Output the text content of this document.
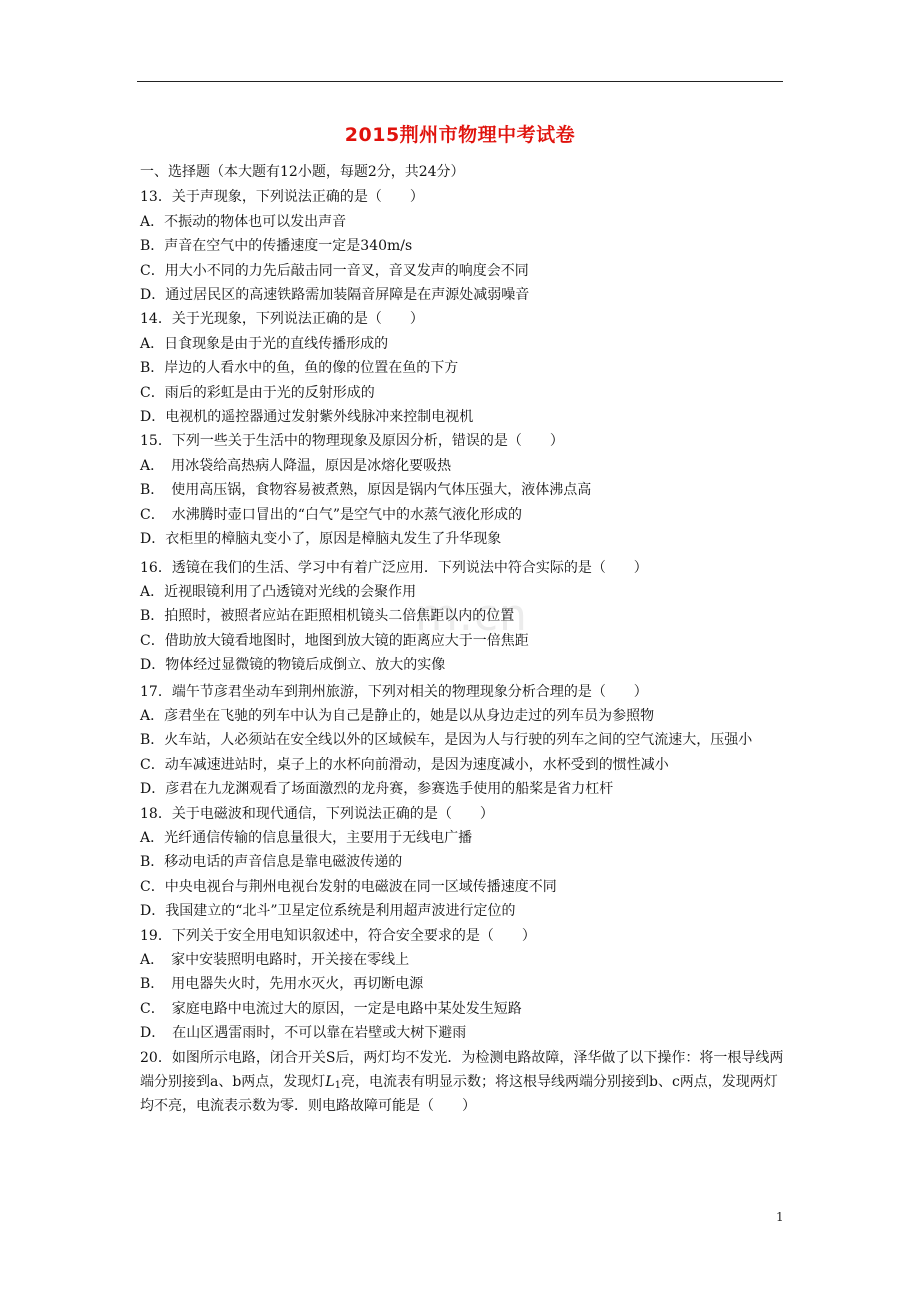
2015荆州市物理中考试卷
m.cn

一、选择题（本大题有12小题，每题2分，共24分）

13．关于声现象，下列说法正确的是（　　）

A．不振动的物体也可以发出声音

B．声音在空气中的传播速度一定是340m/s

C．用大小不同的力先后敲击同一音叉，音叉发声的响度会不同

D．通过居民区的高速铁路需加装隔音屏障是在声源处减弱噪音

14．关于光现象，下列说法正确的是（　　）

A．日食现象是由于光的直线传播形成的

B．岸边的人看水中的鱼，鱼的像的位置在鱼的下方

C．雨后的彩虹是由于光的反射形成的

D．电视机的遥控器通过发射紫外线脉冲来控制电视机

15．下列一些关于生活中的物理现象及原因分析，错误的是（　　）

A．　用冰袋给高热病人降温，原因是冰熔化要吸热

B．　使用高压锅，食物容易被煮熟，原因是锅内气体压强大，液体沸点高

C．　水沸腾时壶口冒出的“白气”是空气中的水蒸气液化形成的

D．衣柜里的樟脑丸变小了，原因是樟脑丸发生了升华现象

16．透镜在我们的生活、学习中有着广泛应用．下列说法中符合实际的是（　　）

A．近视眼镜利用了凸透镜对光线的会聚作用

B．拍照时，被照者应站在距照相机镜头二倍焦距以内的位置

C．借助放大镜看地图时，地图到放大镜的距离应大于一倍焦距

D．物体经过显微镜的物镜后成倒立、放大的实像

17．端午节彦君坐动车到荆州旅游，下列对相关的物理现象分析合理的是（　　）

A．彦君坐在飞驰的列车中认为自己是静止的，她是以从身边走过的列车员为参照物

B．火车站，人必须站在安全线以外的区域候车，是因为人与行驶的列车之间的空气流速大，压强小

C．动车减速进站时，桌子上的水杯向前滑动，是因为速度减小，水杯受到的惯性减小

D．彦君在九龙渊观看了场面激烈的龙舟赛，参赛选手使用的船桨是省力杠杆

18．关于电磁波和现代通信，下列说法正确的是（　　）

A．光纤通信传输的信息量很大，主要用于无线电广播

B．移动电话的声音信息是靠电磁波传递的

C．中央电视台与荆州电视台发射的电磁波在同一区域传播速度不同

D．我国建立的“北斗”卫星定位系统是利用超声波进行定位的

19．下列关于安全用电知识叙述中，符合安全要求的是（　　）

A．　家中安装照明电路时，开关接在零线上

B．　用电器失火时，先用水灭火，再切断电源

C．　家庭电路中电流过大的原因，一定是电路中某处发生短路

D．　在山区遇雷雨时，不可以靠在岩壁或大树下避雨

20．如图所示电路，闭合开关S后，两灯均不发光．为检测电路故障，泽华做了以下操作：将一根导线两端分别接到a、b两点，发现灯$L_1$亮，电流表有明显示数；将这根导线两端分别接到b、c两点，发现两灯均不亮，电流表示数为零．则电路故障可能是（　　）

1
